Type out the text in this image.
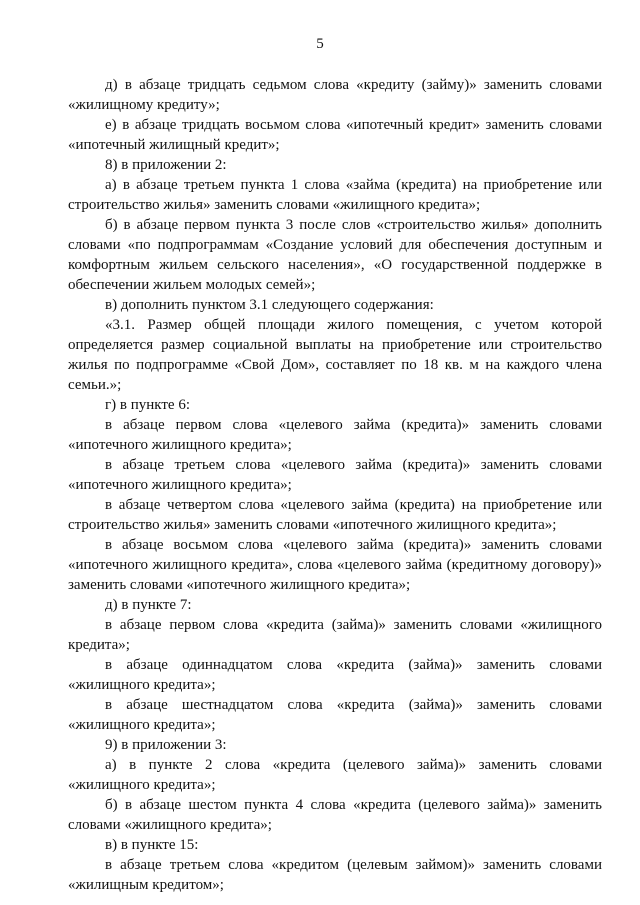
5

д) в абзаце тридцать седьмом слова «кредиту (займу)» заменить словами «жилищному кредиту»;

е) в абзаце тридцать восьмом слова «ипотечный кредит» заменить словами «ипотечный жилищный кредит»;

8) в приложении 2:

а) в абзаце третьем пункта 1 слова «займа (кредита) на приобретение или строительство жилья» заменить словами «жилищного кредита»;

б) в абзаце первом пункта 3 после слов «строительство жилья» дополнить словами «по подпрограммам «Создание условий для обеспечения доступным и комфортным жильем сельского населения», «О государственной поддержке в обеспечении жильем молодых семей»;

в) дополнить пунктом 3.1 следующего содержания:

«3.1. Размер общей площади жилого помещения, с учетом которой определяется размер социальной выплаты на приобретение или строительство жилья по подпрограмме «Свой Дом», составляет по 18 кв. м на каждого члена семьи.»;

г) в пункте 6:

в абзаце первом слова «целевого займа (кредита)» заменить словами «ипотечного жилищного кредита»;

в абзаце третьем слова «целевого займа (кредита)» заменить словами «ипотечного жилищного кредита»;

в абзаце четвертом слова «целевого займа (кредита) на приобретение или строительство жилья» заменить словами «ипотечного жилищного кредита»;

в абзаце восьмом слова «целевого займа (кредита)» заменить словами «ипотечного жилищного кредита», слова «целевого займа (кредитному договору)» заменить словами «ипотечного жилищного кредита»;

д) в пункте 7:

в абзаце первом слова «кредита (займа)» заменить словами «жилищного кредита»;

в абзаце одиннадцатом слова «кредита (займа)» заменить словами «жилищного кредита»;

в абзаце шестнадцатом слова «кредита (займа)» заменить словами «жилищного кредита»;

9) в приложении 3:

а) в пункте 2 слова «кредита (целевого займа)» заменить словами «жилищного кредита»;

б) в абзаце шестом пункта 4 слова «кредита (целевого займа)» заменить словами «жилищного кредита»;

в) в пункте 15:

в абзаце третьем слова «кредитом (целевым займом)» заменить словами «жилищным кредитом»;
